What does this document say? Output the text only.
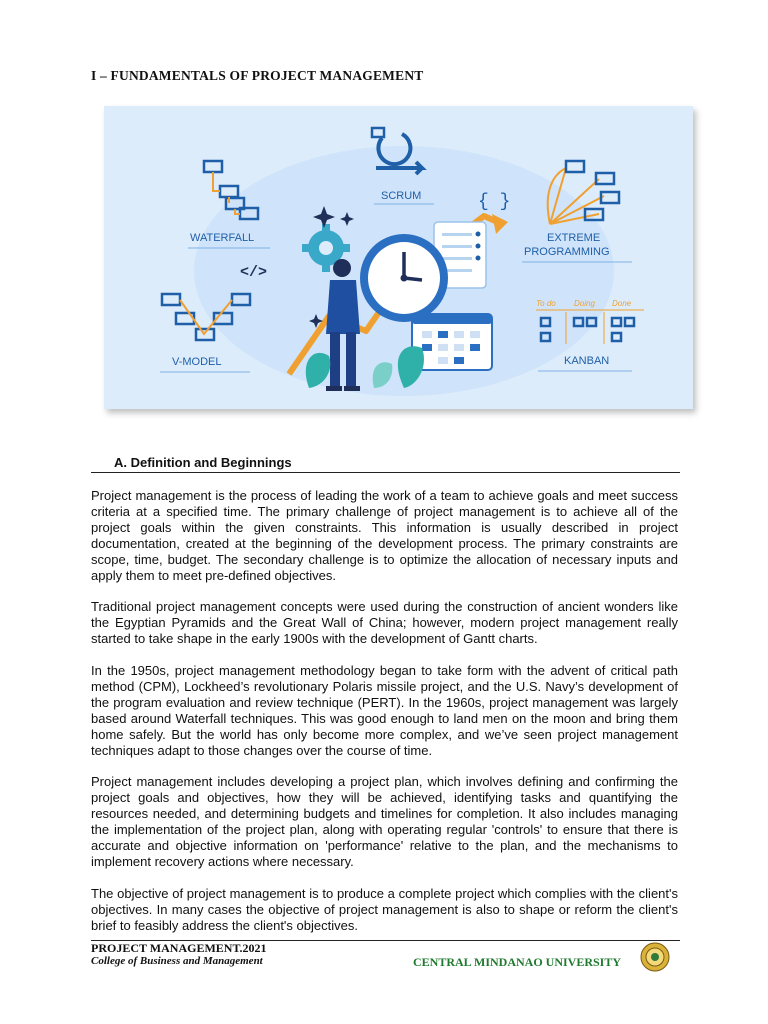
I – FUNDAMENTALS OF PROJECT MANAGEMENT
WATERFALL
SCRUM	{ }
EXTREME
PROGRAMMING
V-MODEL
</>
To do Doing Done
KANBAN
A. Definition and Beginnings

Project management is the process of leading the work of a team to achieve goals and meet success criteria at a specified time. The primary challenge of project management is to achieve all of the project goals within the given constraints. This information is usually described in project documentation, created at the beginning of the development process. The primary constraints are scope, time, budget. The secondary challenge is to optimize the allocation of necessary inputs and apply them to meet pre-defined objectives.

Traditional project management concepts were used during the construction of ancient wonders like the Egyptian Pyramids and the Great Wall of China; however, modern project management really started to take shape in the early 1900s with the development of Gantt charts.

In the 1950s, project management methodology began to take form with the advent of critical path method (CPM), Lockheed’s revolutionary Polaris missile project, and the U.S. Navy’s development of the program evaluation and review technique (PERT). In the 1960s, project management was largely based around Waterfall techniques. This was good enough to land men on the moon and bring them home safely. But the world has only become more complex, and we’ve seen project management techniques adapt to those changes over the course of time.

Project management includes developing a project plan, which involves defining and confirming the project goals and objectives, how they will be achieved, identifying tasks and quantifying the resources needed, and determining budgets and timelines for completion. It also includes managing the implementation of the project plan, along with operating regular 'controls' to ensure that there is accurate and objective information on 'performance' relative to the plan, and the mechanisms to implement recovery actions where necessary.

The objective of project management is to produce a complete project which complies with the client's objectives. In many cases the objective of project management is also to shape or reform the client's brief to feasibly address the client's objectives.

PROJECT MANAGEMENT.2021
College of Business and Management	CENTRAL MINDANAO UNIVERSITY
